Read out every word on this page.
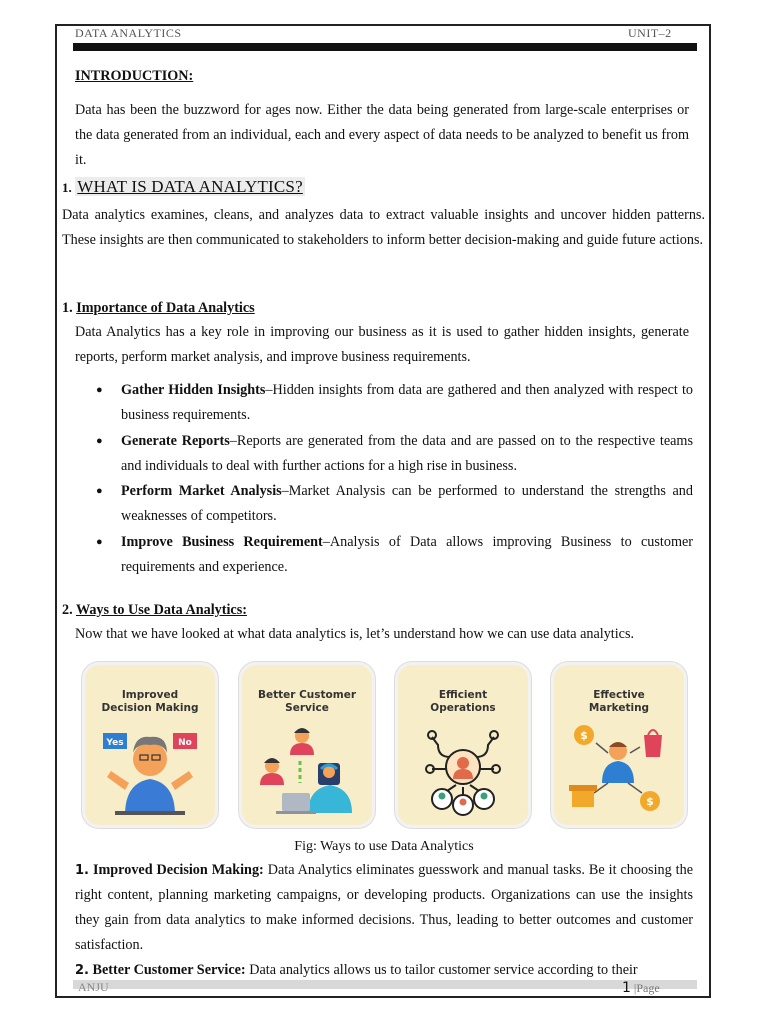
DATA ANALYTICS	UNIT–2
INTRODUCTION:
Data has been the buzzword for ages now. Either the data being generated from large-scale enterprises or the data generated from an individual, each and every aspect of data needs to be analyzed to benefit us from it.
1. WHAT IS DATA ANALYTICS?
Data analytics examines, cleans, and analyzes data to extract valuable insights and uncover hidden patterns. These insights are then communicated to stakeholders to inform better decision-making and guide future actions.
1. Importance of Data Analytics
Data Analytics has a key role in improving our business as it is used to gather hidden insights, generate reports, perform market analysis, and improve business requirements.
● Gather Hidden Insights–Hidden insights from data are gathered and then analyzed with respect to business requirements.
● Generate Reports–Reports are generated from the data and are passed on to the respective teams and individuals to deal with further actions for a high rise in business.
● Perform Market Analysis–Market Analysis can be performed to understand the strengths and weaknesses of competitors.
● Improve Business Requirement–Analysis of Data allows improving Business to customer requirements and experience.
2. Ways to Use Data Analytics:
Now that we have looked at what data analytics is, let’s understand how we can use data analytics.
Improved
Decision Making
Yes	No
Better Customer
Service
Efficient
Operations
Effective
Marketing
$
$
Fig: Ways to use Data Analytics
1. Improved Decision Making: Data Analytics eliminates guesswork and manual tasks. Be it choosing the right content, planning marketing campaigns, or developing products. Organizations can use the insights they gain from data analytics to make informed decisions. Thus, leading to better outcomes and customer satisfaction.
2. Better Customer Service: Data analytics allows us to tailor customer service according to their
ANJU	1 |Page
